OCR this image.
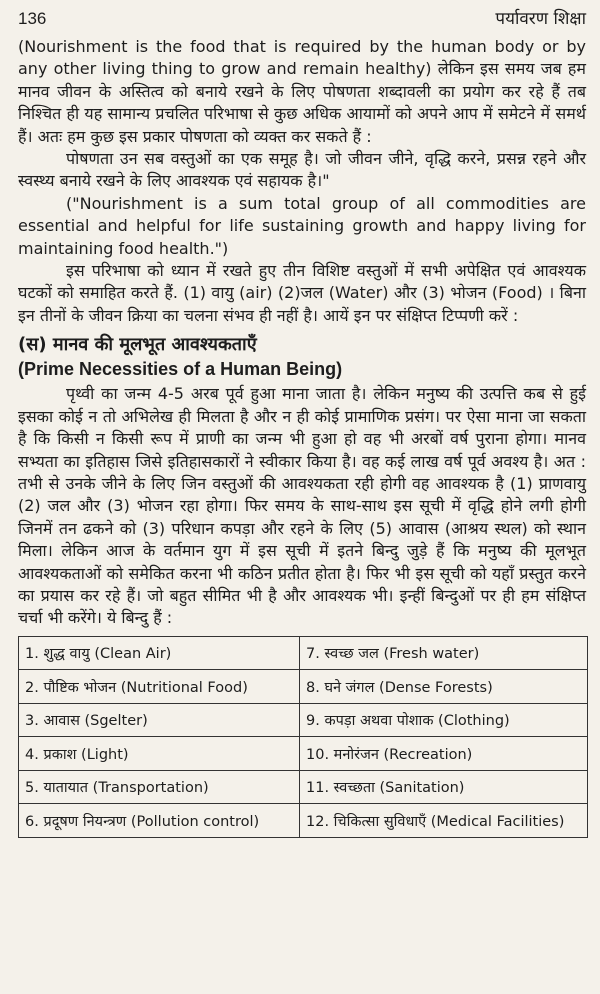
136	पर्यावरण शिक्षा

(Nourishment is the food that is required by the human body or by any other living thing to grow and remain healthy) लेकिन इस समय जब हम मानव जीवन के अस्तित्व को बनाये रखने के लिए पोषणता शब्दावली का प्रयोग कर रहे हैं तब निश्चित ही यह सामान्य प्रचलित परिभाषा से कुछ अधिक आयामों को अपने आप में समेटने में समर्थ हैं। अतः हम कुछ इस प्रकार पोषणता को व्यक्त कर सकते हैं :

पोषणता उन सब वस्तुओं का एक समूह है। जो जीवन जीने, वृद्धि करने, प्रसन्न रहने और स्वस्थ्य बनाये रखने के लिए आवश्यक एवं सहायक है।"

("Nourishment is a sum total group of all commodities are essential and helpful for life sustaining growth and happy living for maintaining food health.")

इस परिभाषा को ध्यान में रखते हुए तीन विशिष्ट वस्तुओं में सभी अपेक्षित एवं आवश्यक घटकों को समाहित करते हैं. (1) वायु (air) (2)जल (Water) और (3) भोजन (Food) । बिना इन तीनों के जीवन क्रिया का चलना संभव ही नहीं है। आयें इन पर संक्षिप्त टिप्पणी करें :

(स) मानव की मूलभूत आवश्यकताएँ
(Prime Necessities of a Human Being)

पृथ्वी का जन्म 4-5 अरब पूर्व हुआ माना जाता है। लेकिन मनुष्य की उत्पत्ति कब से हुई इसका कोई न तो अभिलेख ही मिलता है और न ही कोई प्रामाणिक प्रसंग। पर ऐसा माना जा सकता है कि किसी न किसी रूप में प्राणी का जन्म भी हुआ हो वह भी अरबों वर्ष पुराना होगा। मानव सभ्यता का इतिहास जिसे इतिहासकारों ने स्वीकार किया है। वह कई लाख वर्ष पूर्व अवश्य है। अत : तभी से उनके जीने के लिए जिन वस्तुओं की आवश्यकता रही होगी वह आवश्यक है (1) प्राणवायु (2) जल और (3) भोजन रहा होगा। फिर समय के साथ-साथ इस सूची में वृद्धि होने लगी होगी जिनमें तन ढकने को (3) परिधान कपड़ा और रहने के लिए (5) आवास (आश्रय स्थल) को स्थान मिला। लेकिन आज के वर्तमान युग में इस सूची में इतने बिन्दु जुड़े हैं कि मनुष्य की मूलभूत आवश्यकताओं को समेकित करना भी कठिन प्रतीत होता है। फिर भी इस सूची को यहाँ प्रस्तुत करने का प्रयास कर रहे हैं। जो बहुत सीमित भी है और आवश्यक भी। इन्हीं बिन्दुओं पर ही हम संक्षिप्त चर्चा भी करेंगे। ये बिन्दु हैं :

1. शुद्ध वायु (Clean Air)	7. स्वच्छ जल (Fresh water)
2. पौष्टिक भोजन (Nutritional Food)	8. घने जंगल (Dense Forests)
3. आवास (Sgelter)	9. कपड़ा अथवा पोशाक (Clothing)
4. प्रकाश (Light)	10. मनोरंजन (Recreation)
5. यातायात (Transportation)	11. स्वच्छता (Sanitation)
6. प्रदूषण नियन्त्रण (Pollution control)	12. चिकित्सा सुविधाएँ (Medical Facilities)
